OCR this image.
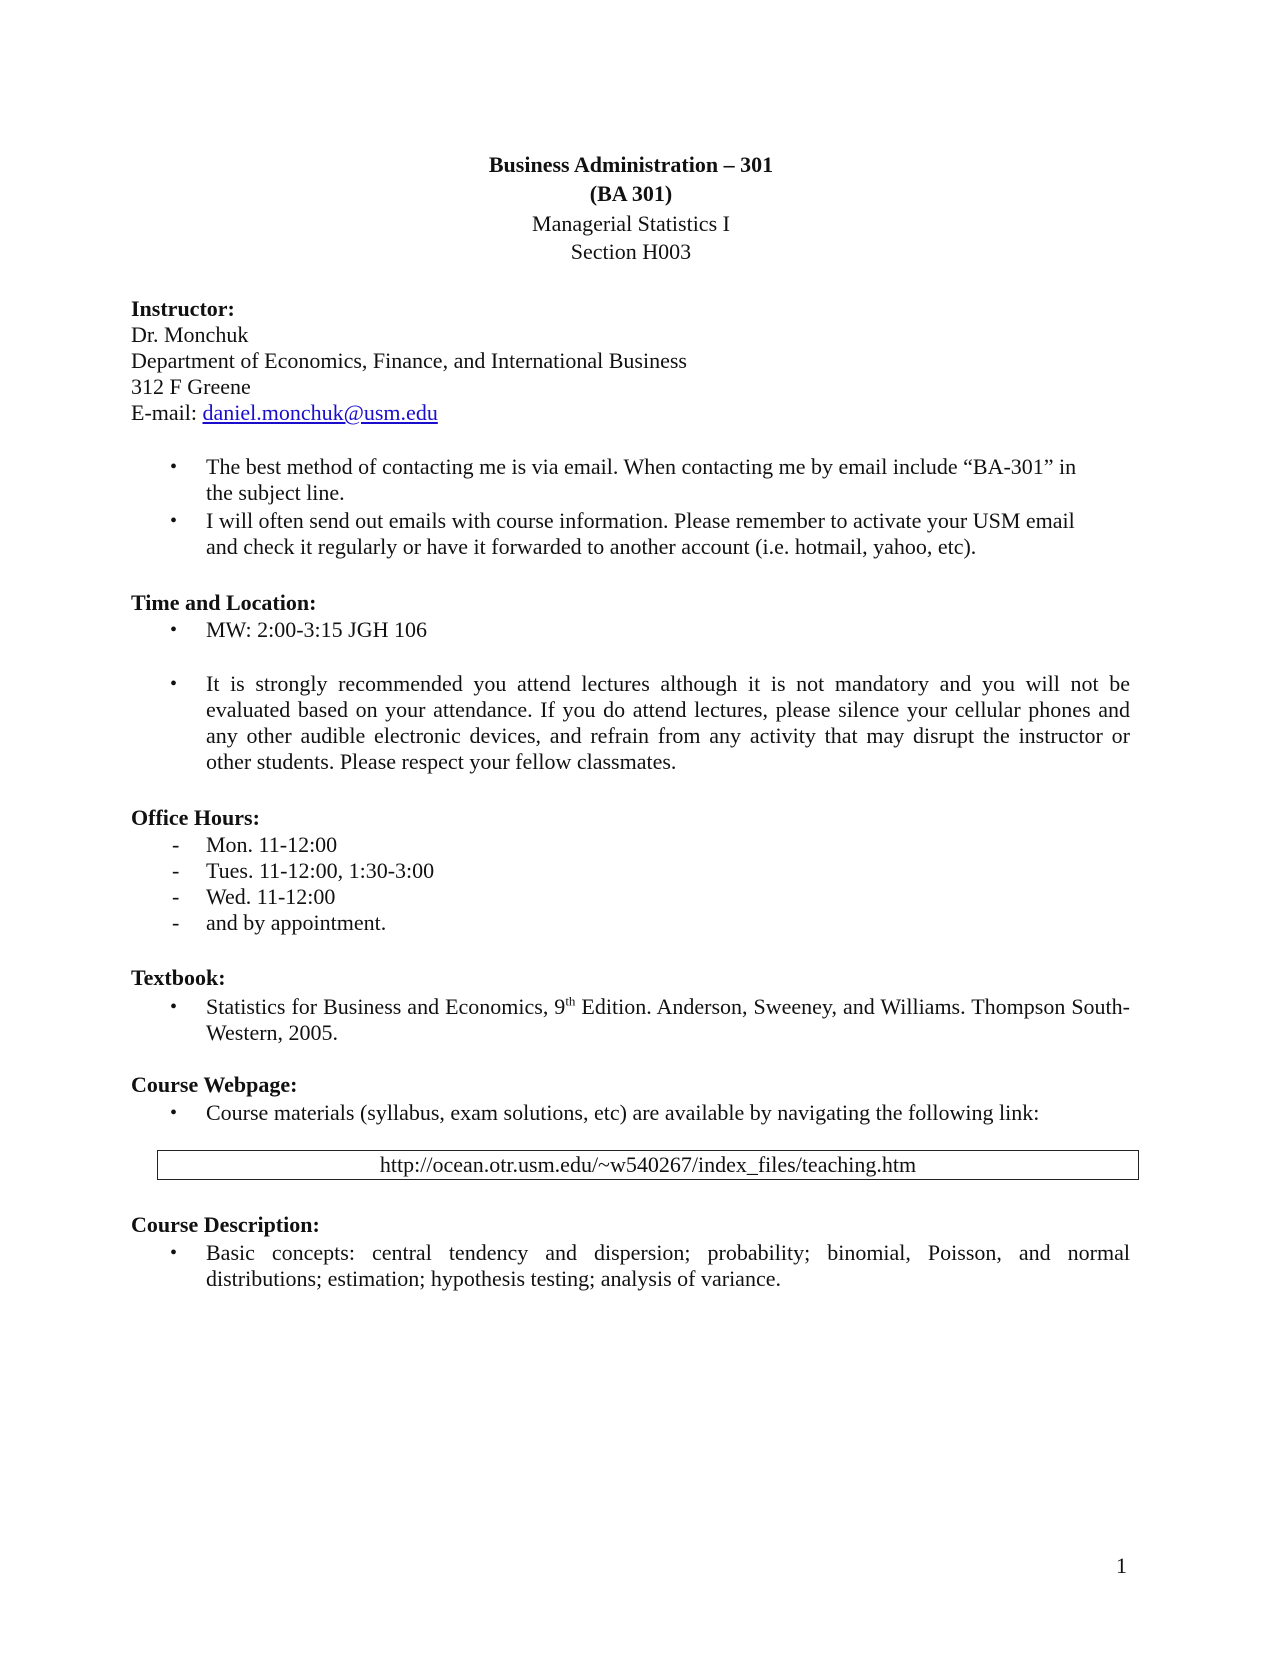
Business Administration – 301
(BA 301)
Managerial Statistics I
Section H003
Instructor:
Dr. Monchuk
Department of Economics, Finance, and International Business
312 F Greene
E-mail: daniel.monchuk@usm.edu
• The best method of contacting me is via email. When contacting me by email include “BA-301” in
the subject line.
• I will often send out emails with course information. Please remember to activate your USM email
and check it regularly or have it forwarded to another account (i.e. hotmail, yahoo, etc).
Time and Location:
• MW: 2:00-3:15 JGH 106
• It is strongly recommended you attend lectures although it is not mandatory and you will not be evaluated based on your attendance. If you do attend lectures, please silence your cellular phones and any other audible electronic devices, and refrain from any activity that may disrupt the instructor or other students. Please respect your fellow classmates.
Office Hours:
- Mon. 11-12:00
- Tues. 11-12:00, 1:30-3:00
- Wed. 11-12:00
- and by appointment.
Textbook:
• Statistics for Business and Economics, 9th Edition. Anderson, Sweeney, and Williams. Thompson South-Western, 2005.
Course Webpage:
• Course materials (syllabus, exam solutions, etc) are available by navigating the following link:
http://ocean.otr.usm.edu/~w540267/index_files/teaching.htm
Course Description:
• Basic concepts: central tendency and dispersion; probability; binomial, Poisson, and normal distributions; estimation; hypothesis testing; analysis of variance.
1
